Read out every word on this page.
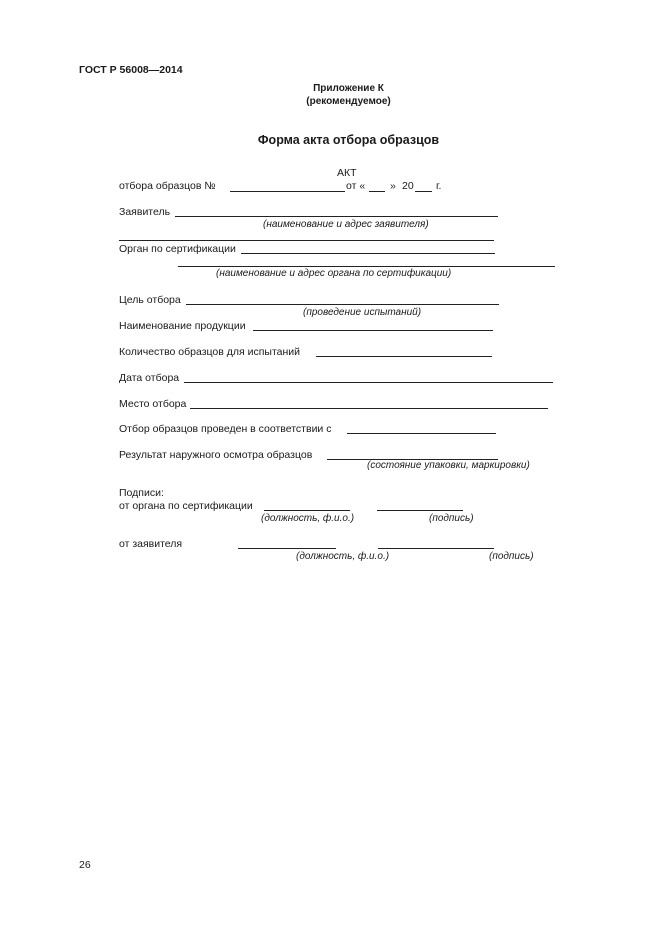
ГОСТ Р 56008—2014
Приложение К
(рекомендуемое)
Форма акта отбора образцов
АКТ
отбора образцов №	от « » 20 г.
Заявитель
(наименование и адрес заявителя)
Орган по сертификации
(наименование и адрес органа по сертификации)
Цель отбора
(проведение испытаний)
Наименование продукции
Количество образцов для испытаний
Дата отбора
Место отбора
Отбор образцов проведен в соответствии с
Результат наружного осмотра образцов
(состояние упаковки, маркировки)
Подписи:
от органа по сертификации
(должность, ф.и.о.)	(подпись)
от заявителя
(должность, ф.и.о.)	(подпись)
26
